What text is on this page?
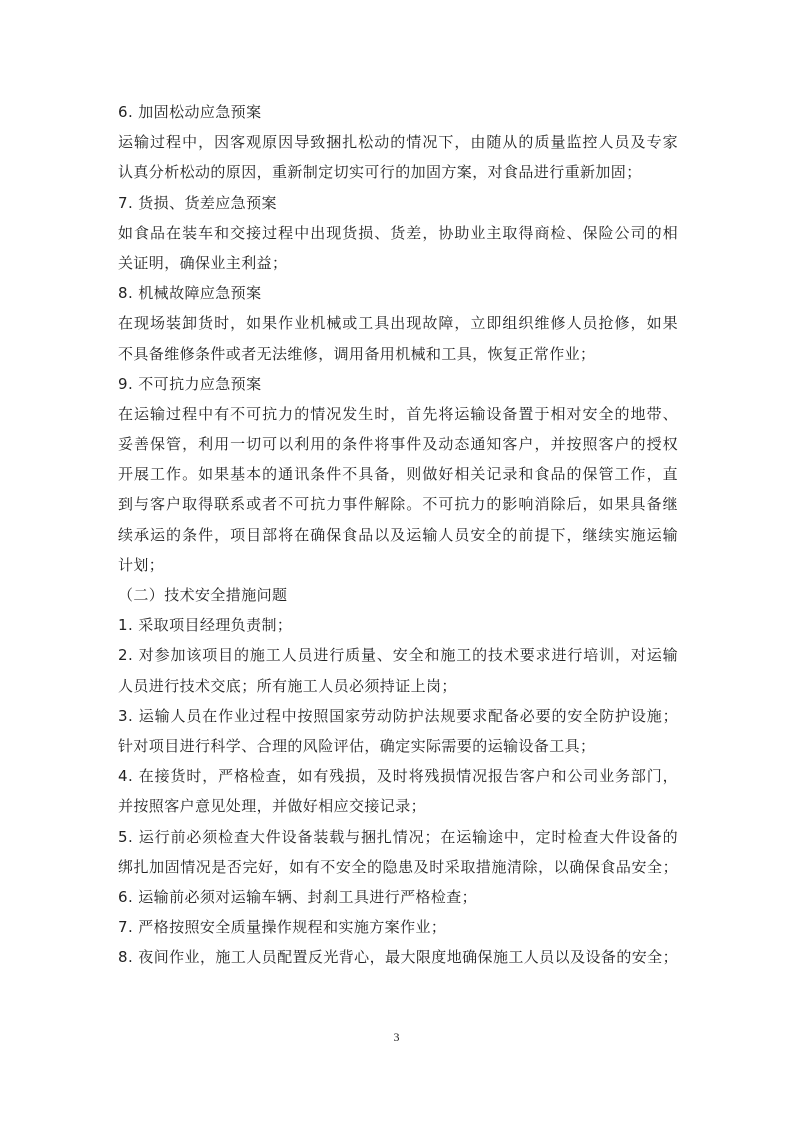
6. 加固松动应急预案
运输过程中，因客观原因导致捆扎松动的情况下，由随从的质量监控人员及专家
认真分析松动的原因，重新制定切实可行的加固方案，对食品进行重新加固；
7. 货损、货差应急预案
如食品在装车和交接过程中出现货损、货差，协助业主取得商检、保险公司的相
关证明，确保业主利益；
8. 机械故障应急预案
在现场装卸货时，如果作业机械或工具出现故障，立即组织维修人员抢修，如果
不具备维修条件或者无法维修，调用备用机械和工具，恢复正常作业；
9. 不可抗力应急预案
在运输过程中有不可抗力的情况发生时，首先将运输设备置于相对安全的地带、
妥善保管，利用一切可以利用的条件将事件及动态通知客户，并按照客户的授权
开展工作。如果基本的通讯条件不具备，则做好相关记录和食品的保管工作，直
到与客户取得联系或者不可抗力事件解除。不可抗力的影响消除后，如果具备继
续承运的条件，项目部将在确保食品以及运输人员安全的前提下，继续实施运输
计划；
（二）技术安全措施问题
1. 采取项目经理负责制；
2. 对参加该项目的施工人员进行质量、安全和施工的技术要求进行培训，对运输
人员进行技术交底；所有施工人员必须持证上岗；
3. 运输人员在作业过程中按照国家劳动防护法规要求配备必要的安全防护设施；
针对项目进行科学、合理的风险评估，确定实际需要的运输设备工具；
4. 在接货时，严格检查，如有残损，及时将残损情况报告客户和公司业务部门，
并按照客户意见处理，并做好相应交接记录；
5. 运行前必须检查大件设备装载与捆扎情况；在运输途中，定时检查大件设备的
绑扎加固情况是否完好，如有不安全的隐患及时采取措施清除，以确保食品安全；
6. 运输前必须对运输车辆、封刹工具进行严格检查；
7. 严格按照安全质量操作规程和实施方案作业；
8. 夜间作业，施工人员配置反光背心，最大限度地确保施工人员以及设备的安全；
3
